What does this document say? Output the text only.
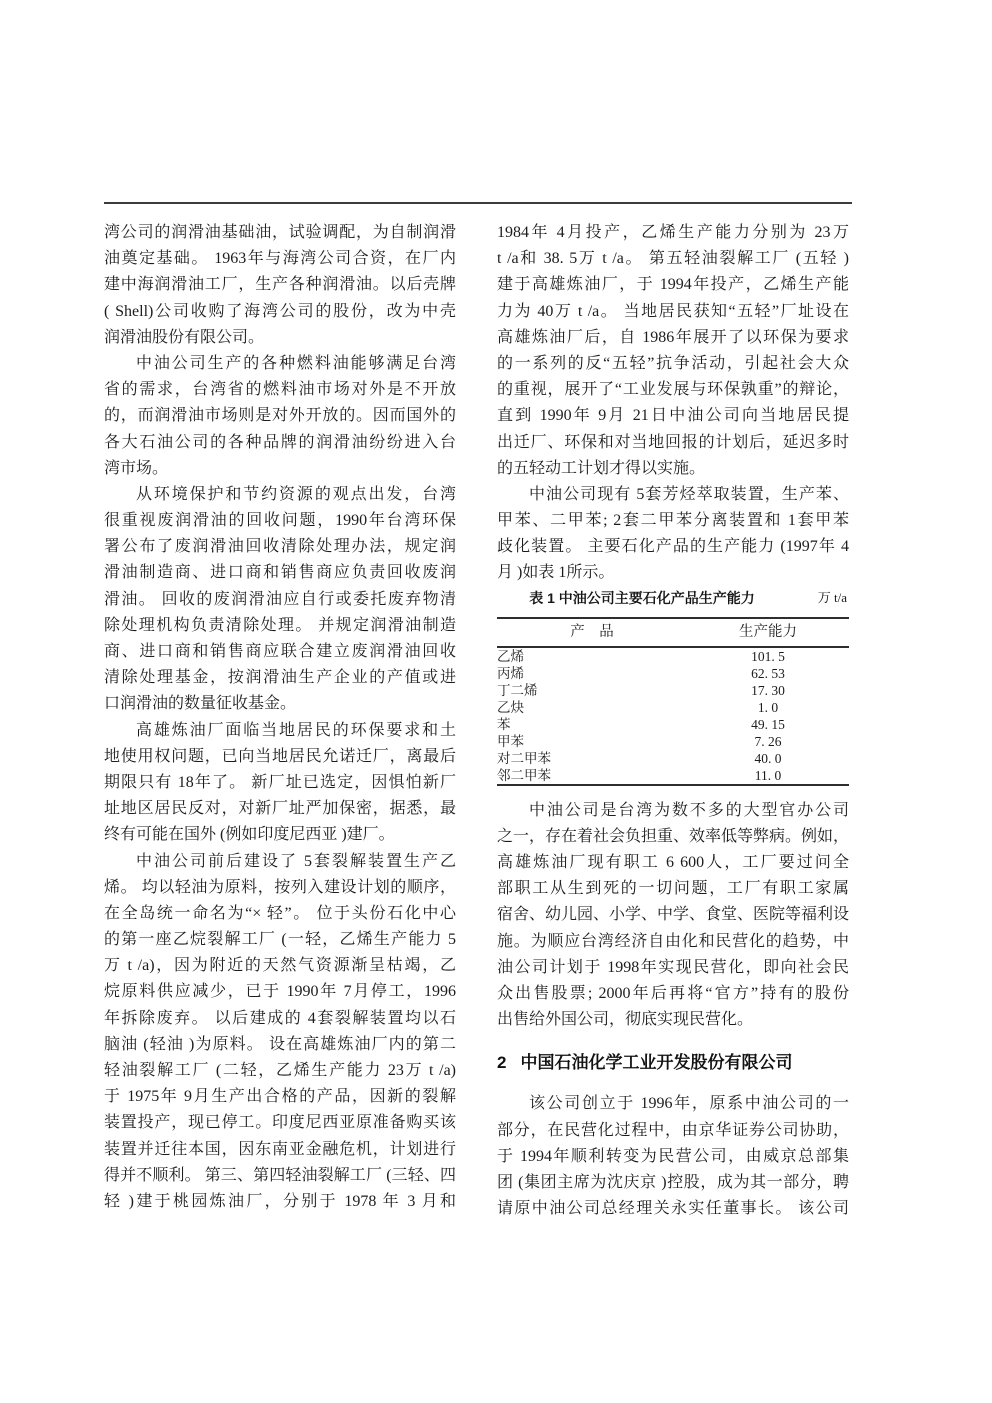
湾公司的润滑油基础油，试验调配，为自制润滑
油奠定基础。 1963年与海湾公司合资，在厂内
建中海润滑油工厂，生产各种润滑油。以后壳牌
( Shell)公司收购了海湾公司的股份，改为中壳
润滑油股份有限公司。
中油公司生产的各种燃料油能够满足台湾
省的需求，台湾省的燃料油市场对外是不开放
的，而润滑油市场则是对外开放的。因而国外的
各大石油公司的各种品牌的润滑油纷纷进入台
湾市场。
从环境保护和节约资源的观点出发，台湾
很重视废润滑油的回收问题，1990年台湾环保
署公布了废润滑油回收清除处理办法，规定润
滑油制造商、进口商和销售商应负责回收废润
滑油。 回收的废润滑油应自行或委托废弃物清
除处理机构负责清除处理。 并规定润滑油制造
商、进口商和销售商应联合建立废润滑油回收
清除处理基金，按润滑油生产企业的产值或进
口润滑油的数量征收基金。
高雄炼油厂面临当地居民的环保要求和土
地使用权问题，已向当地居民允诺迁厂，离最后
期限只有 18年了。 新厂址已选定，因惧怕新厂
址地区居民反对，对新厂址严加保密，据悉，最
终有可能在国外 (例如印度尼西亚 )建厂。
中油公司前后建设了 5套裂解装置生产乙
烯。 均以轻油为原料，按列入建设计划的顺序，
在全岛统一命名为“× 轻”。 位于头份石化中心
的第一座乙烷裂解工厂 (一轻，乙烯生产能力 5
万 t /a)，因为附近的天然气资源渐呈枯竭，乙
烷原料供应减少，已于 1990年 7月停工，1996
年拆除废弃。 以后建成的 4套裂解装置均以石
脑油 (轻油 )为原料。 设在高雄炼油厂内的第二
轻油裂解工厂 (二轻，乙烯生产能力 23万 t /a)
于 1975年 9月生产出合格的产品，因新的裂解
装置投产，现已停工。印度尼西亚原准备购买该
装置并迁往本国，因东南亚金融危机，计划进行
得并不顺利。 第三、第四轻油裂解工厂 (三轻、四
轻 )建于桃园炼油厂，分别于 1978 年 3 月和
1984年 4月投产，乙烯生产能力分别为 23万
t /a和 38. 5万 t /a。 第五轻油裂解工厂 (五轻 )
建于高雄炼油厂，于 1994年投产，乙烯生产能
力为 40万 t /a。 当地居民获知“五轻”厂址设在
高雄炼油厂后，自 1986年展开了以环保为要求
的一系列的反“五轻”抗争活动，引起社会大众
的重视，展开了“工业发展与环保孰重”的辩论，
直到 1990年 9月 21日中油公司向当地居民提
出迁厂、环保和对当地回报的计划后，延迟多时
的五轻动工计划才得以实施。
中油公司现有 5套芳烃萃取装置，生产苯、
甲苯、二甲苯; 2套二甲苯分离装置和 1套甲苯
歧化装置。 主要石化产品的生产能力 (1997年 4
月 )如表 1所示。
表 1 中油公司主要石化产品生产能力	万 t/a
产　品	生产能力
乙烯	101. 5
丙烯	62. 53
丁二烯	17. 30
乙炔	1. 0
苯	49. 15
甲苯	7. 26
对二甲苯	40. 0
邻二甲苯	11. 0
中油公司是台湾为数不多的大型官办公司
之一，存在着社会负担重、效率低等弊病。例如，
高雄炼油厂现有职工 6 600人，工厂要过问全
部职工从生到死的一切问题，工厂有职工家属
宿舍、幼儿园、小学、中学、食堂、医院等福利设
施。为顺应台湾经济自由化和民营化的趋势，中
油公司计划于 1998年实现民营化，即向社会民
众出售股票; 2000年后再将“官方”持有的股份
出售给外国公司，彻底实现民营化。
2 中国石油化学工业开发股份有限公司
该公司创立于 1996年，原系中油公司的一
部分，在民营化过程中，由京华证券公司协助，
于 1994年顺利转变为民营公司，由威京总部集
团 (集团主席为沈庆京 )控股，成为其一部分，聘
请原中油公司总经理关永实任董事长。 该公司
